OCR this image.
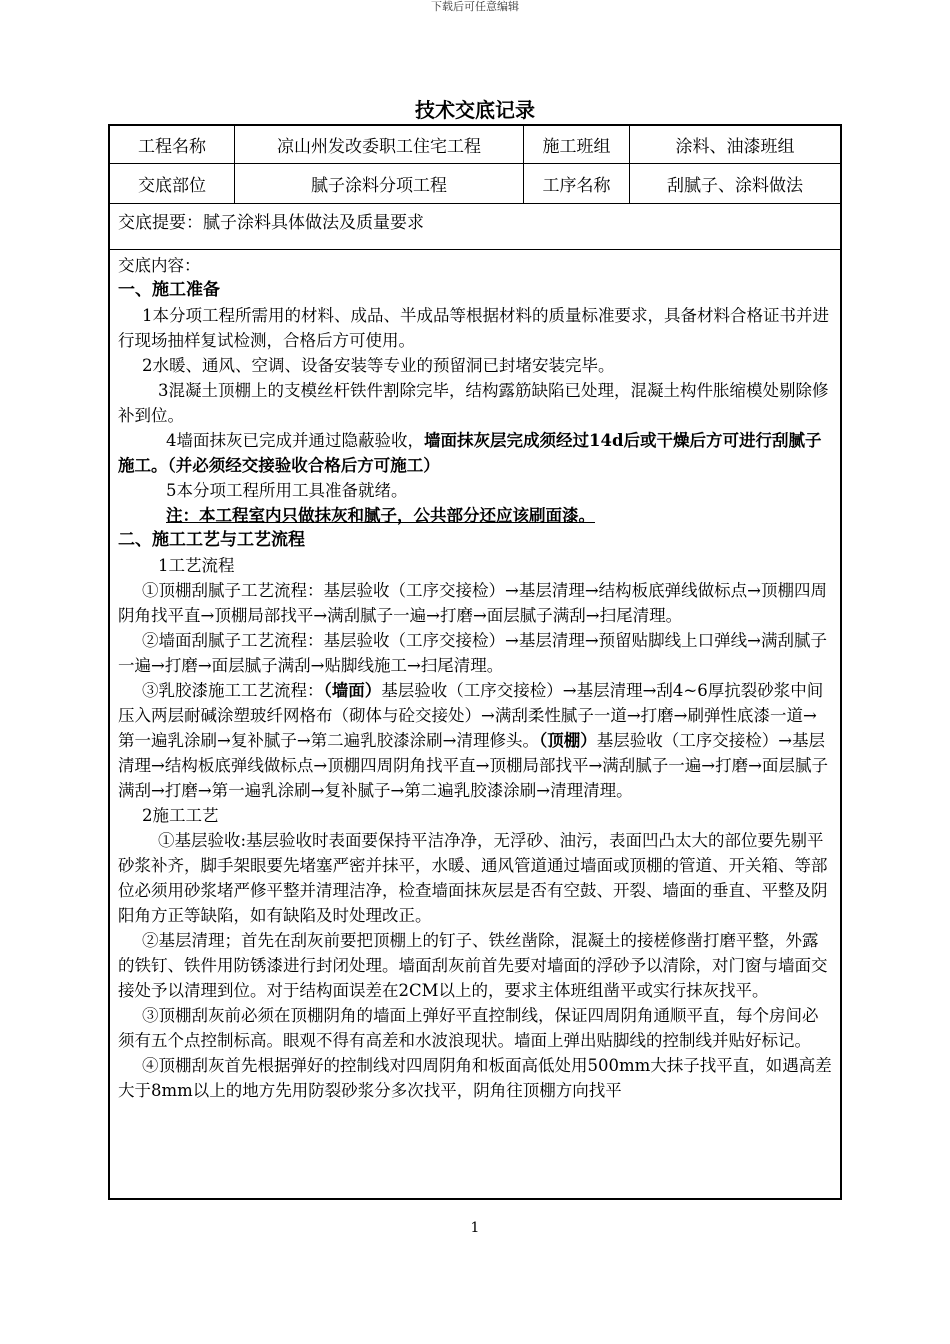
下载后可任意编辑
技术交底记录
工程名称	凉山州发改委职工住宅工程	施工班组	涂料、油漆班组
交底部位	腻子涂料分项工程	工序名称	刮腻子、涂料做法
交底提要：腻子涂料具体做法及质量要求

交底内容：

一、施工准备

1本分项工程所需用的材料、成品、半成品等根据材料的质量标准要求，具备材料合格证书并进行现场抽样复试检测，合格后方可使用。

2水暖、通风、空调、设备安装等专业的预留洞已封堵安装完毕。

3混凝土顶棚上的支模丝杆铁件割除完毕，结构露筋缺陷已处理，混凝土构件胀缩模处剔除修补到位。

4墙面抹灰已完成并通过隐蔽验收，墙面抹灰层完成须经过14d后或干燥后方可进行刮腻子施工。（并必须经交接验收合格后方可施工）

5本分项工程所用工具准备就绪。

注：本工程室内只做抹灰和腻子，公共部分还应该刷面漆。

二、施工工艺与工艺流程

1工艺流程

①顶棚刮腻子工艺流程：基层验收（工序交接检）→基层清理→结构板底弹线做标点→顶棚四周阴角找平直→顶棚局部找平→满刮腻子一遍→打磨→面层腻子满刮→扫尾清理。

②墙面刮腻子工艺流程：基层验收（工序交接检）→基层清理→预留贴脚线上口弹线→满刮腻子一遍→打磨→面层腻子满刮→贴脚线施工→扫尾清理。

③乳胶漆施工工艺流程：（墙面）基层验收（工序交接检）→基层清理→刮4~6厚抗裂砂浆中间压入两层耐碱涂塑玻纤网格布（砌体与砼交接处）→满刮柔性腻子一道→打磨→刷弹性底漆一道→第一遍乳涂刷→复补腻子→第二遍乳胶漆涂刷→清理修头。（顶棚）基层验收（工序交接检）→基层清理→结构板底弹线做标点→顶棚四周阴角找平直→顶棚局部找平→满刮腻子一遍→打磨→面层腻子满刮→打磨→第一遍乳涂刷→复补腻子→第二遍乳胶漆涂刷→清理清理。

2施工工艺

①基层验收:基层验收时表面要保持平洁净净，无浮砂、油污，表面凹凸太大的部位要先剔平砂浆补齐，脚手架眼要先堵塞严密并抹平，水暖、通风管道通过墙面或顶棚的管道、开关箱、等部位必须用砂浆堵严修平整并清理洁净，检查墙面抹灰层是否有空鼓、开裂、墙面的垂直、平整及阴阳角方正等缺陷，如有缺陷及时处理改正。

②基层清理；首先在刮灰前要把顶棚上的钉子、铁丝凿除，混凝土的接槎修凿打磨平整，外露的铁钉、铁件用防锈漆进行封闭处理。墙面刮灰前首先要对墙面的浮砂予以清除，对门窗与墙面交接处予以清理到位。对于结构面误差在2CM以上的，要求主体班组凿平或实行抹灰找平。

③顶棚刮灰前必须在顶棚阴角的墙面上弹好平直控制线，保证四周阴角通顺平直，每个房间必须有五个点控制标高。眼观不得有高差和水波浪现状。墙面上弹出贴脚线的控制线并贴好标记。

④顶棚刮灰首先根据弹好的控制线对四周阴角和板面高低处用500mm大抹子找平直，如遇高差大于8mm以上的地方先用防裂砂浆分多次找平，阴角往顶棚方向找平

1
